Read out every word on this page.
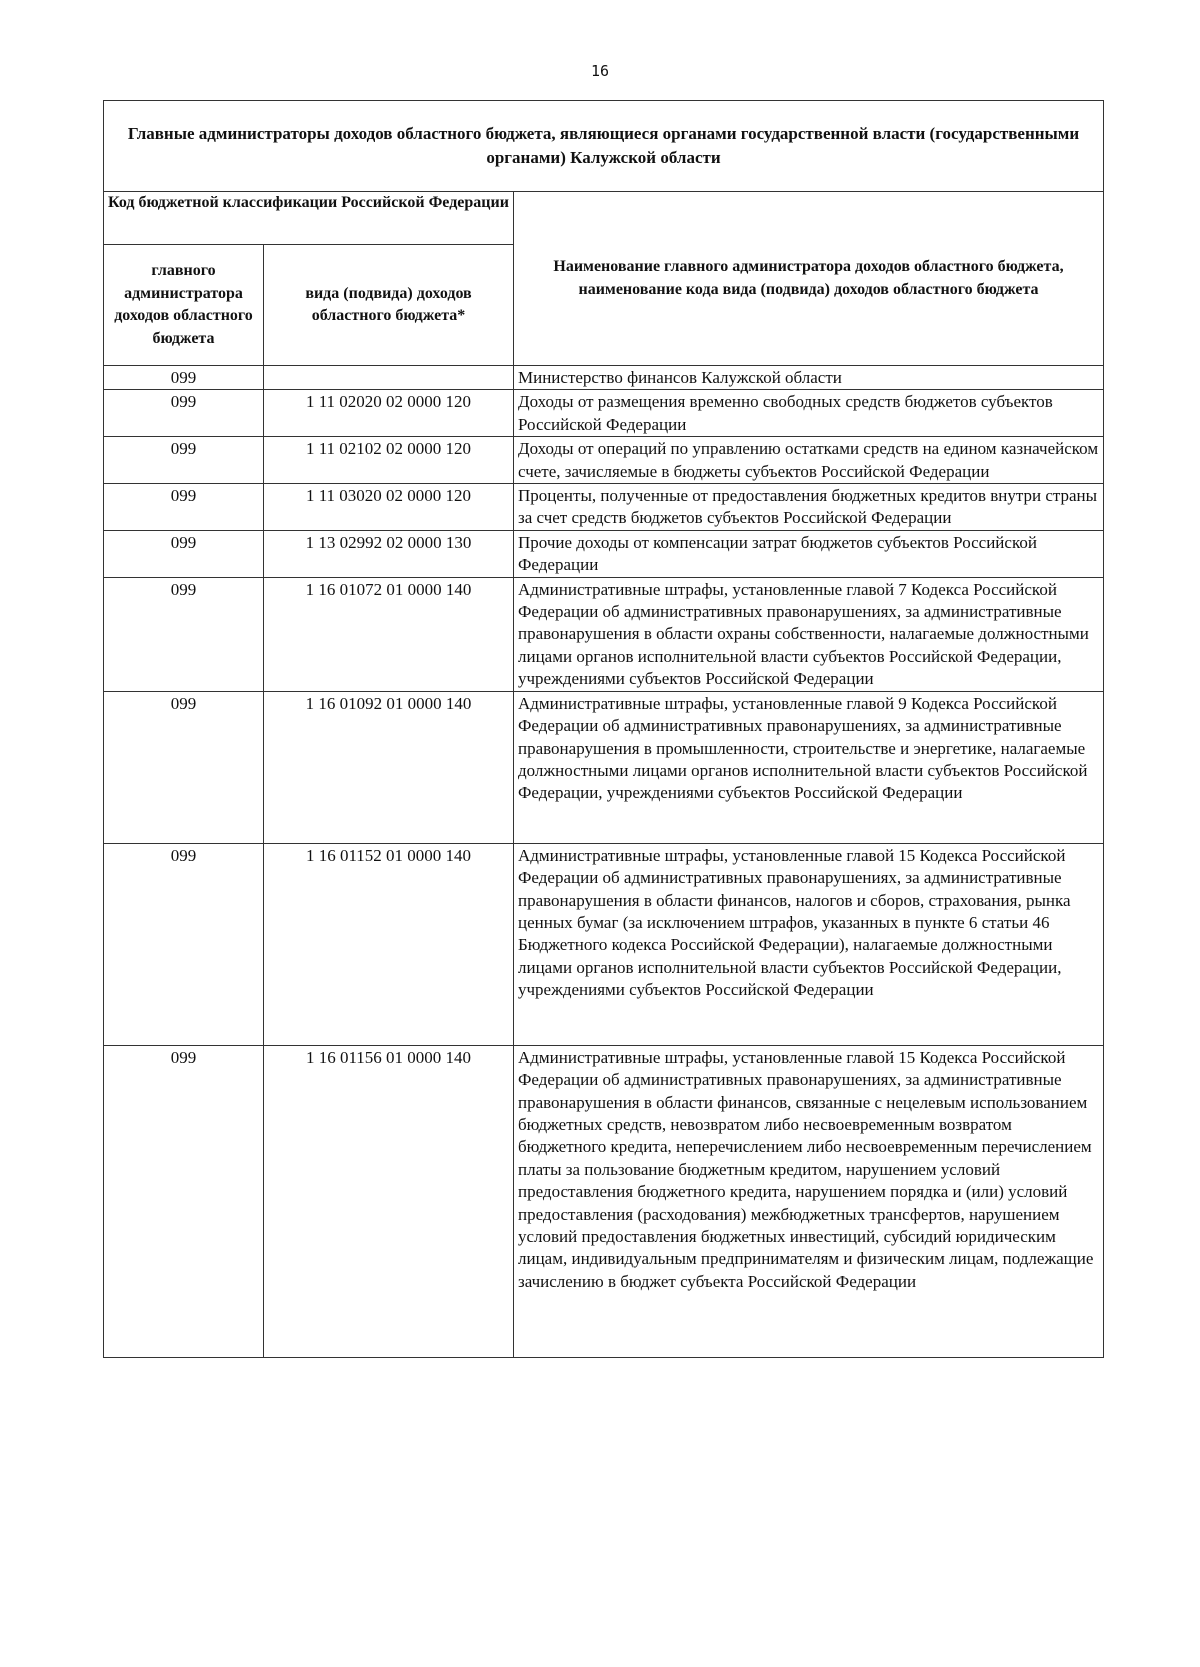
16
Главные администраторы доходов областного бюджета, являющиеся органами государственной власти (государственными органами) Калужской области		
Код бюджетной классификации Российской Федерации		Наименование главного администратора доходов областного бюджета, наименование кода вида (подвида) доходов областного бюджета
главного администратора доходов областного бюджета	вида (подвида) доходов областного бюджета*	
099		Министерство финансов Калужской области
099	1 11 02020 02 0000 120	Доходы от размещения временно свободных средств бюджетов субъектов Российской Федерации
099	1 11 02102 02 0000 120	Доходы от операций по управлению остатками средств на едином казначейском счете, зачисляемые в бюджеты субъектов Российской Федерации
099	1 11 03020 02 0000 120	Проценты, полученные от предоставления бюджетных кредитов внутри страны за счет средств бюджетов субъектов Российской Федерации
099	1 13 02992 02 0000 130	Прочие доходы от компенсации затрат бюджетов субъектов Российской Федерации
099	1 16 01072 01 0000 140	Административные штрафы, установленные главой 7 Кодекса Российской Федерации об административных правонарушениях, за административные правонарушения в области охраны собственности, налагаемые должностными лицами органов исполнительной власти субъектов Российской Федерации, учреждениями субъектов Российской Федерации
099	1 16 01092 01 0000 140	Административные штрафы, установленные главой 9 Кодекса Российской Федерации об административных правонарушениях, за административные правонарушения в промышленности, строительстве и энергетике, налагаемые должностными лицами органов исполнительной власти субъектов Российской Федерации, учреждениями субъектов Российской Федерации
099	1 16 01152 01 0000 140	Административные штрафы, установленные главой 15 Кодекса Российской Федерации об административных правонарушениях, за административные правонарушения в области финансов, налогов и сборов, страхования, рынка ценных бумаг (за исключением штрафов, указанных в пункте 6 статьи 46 Бюджетного кодекса Российской Федерации), налагаемые должностными лицами органов исполнительной власти субъектов Российской Федерации, учреждениями субъектов Российской Федерации
099	1 16 01156 01 0000 140	Административные штрафы, установленные главой 15 Кодекса Российской Федерации об административных правонарушениях, за административные правонарушения в области финансов, связанные с нецелевым использованием бюджетных средств, невозвратом либо несвоевременным возвратом бюджетного кредита, неперечислением либо несвоевременным перечислением платы за пользование бюджетным кредитом, нарушением условий предоставления бюджетного кредита, нарушением порядка и (или) условий предоставления (расходования) межбюджетных трансфертов, нарушением условий предоставления бюджетных инвестиций, субсидий юридическим лицам, индивидуальным предпринимателям и физическим лицам, подлежащие зачислению в бюджет субъекта Российской Федерации
